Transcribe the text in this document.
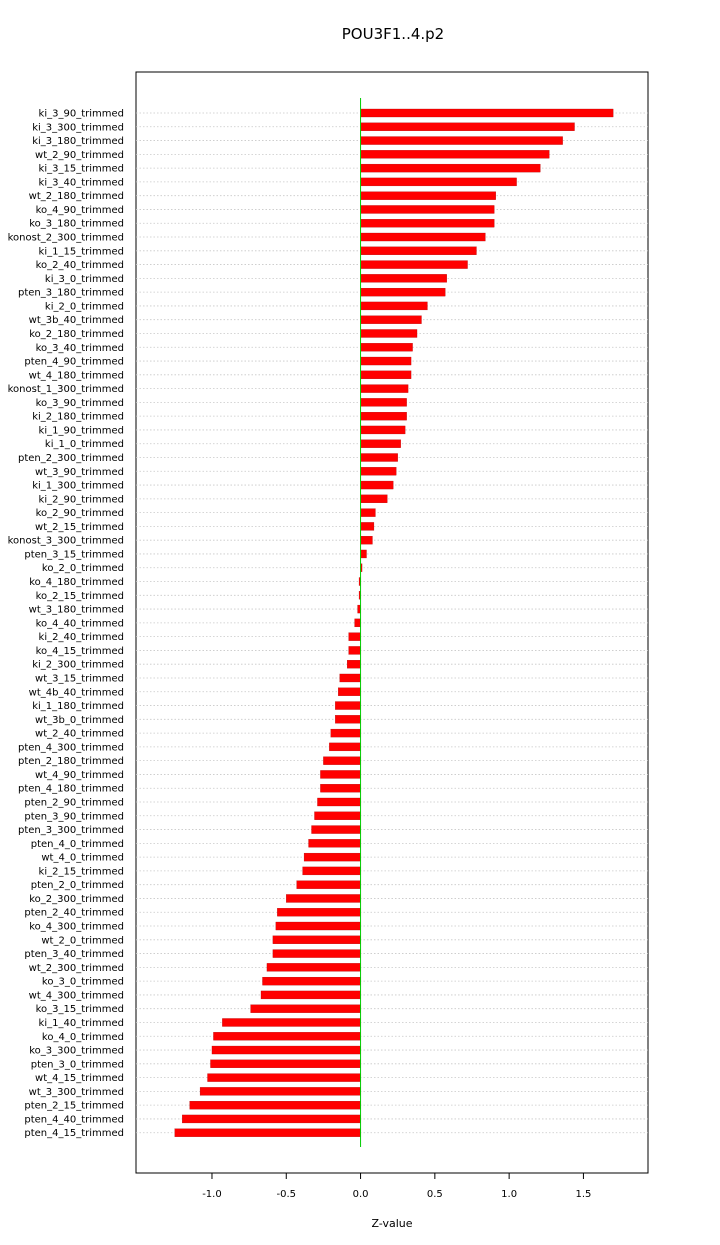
POU3F1..4.p2
ki_3_90_trimmed
ki_3_300_trimmed
ki_3_180_trimmed
wt_2_90_trimmed
ki_3_15_trimmed
ki_3_40_trimmed
wt_2_180_trimmed
ko_4_90_trimmed
ko_3_180_trimmed
konost_2_300_trimmed
ki_1_15_trimmed
ko_2_40_trimmed
ki_3_0_trimmed
pten_3_180_trimmed
ki_2_0_trimmed
wt_3b_40_trimmed
ko_2_180_trimmed
ko_3_40_trimmed
pten_4_90_trimmed
wt_4_180_trimmed
konost_1_300_trimmed
ko_3_90_trimmed
ki_2_180_trimmed
ki_1_90_trimmed
ki_1_0_trimmed
pten_2_300_trimmed
wt_3_90_trimmed
ki_1_300_trimmed
ki_2_90_trimmed
ko_2_90_trimmed
wt_2_15_trimmed
konost_3_300_trimmed
pten_3_15_trimmed
ko_2_0_trimmed
ko_4_180_trimmed
ko_2_15_trimmed
wt_3_180_trimmed
ko_4_40_trimmed
ki_2_40_trimmed
ko_4_15_trimmed
ki_2_300_trimmed
wt_3_15_trimmed
wt_4b_40_trimmed
ki_1_180_trimmed
wt_3b_0_trimmed
wt_2_40_trimmed
pten_4_300_trimmed
pten_2_180_trimmed
wt_4_90_trimmed
pten_4_180_trimmed
pten_2_90_trimmed
pten_3_90_trimmed
pten_3_300_trimmed
pten_4_0_trimmed
wt_4_0_trimmed
ki_2_15_trimmed
pten_2_0_trimmed
ko_2_300_trimmed
pten_2_40_trimmed
ko_4_300_trimmed
wt_2_0_trimmed
pten_3_40_trimmed
wt_2_300_trimmed
ko_3_0_trimmed
wt_4_300_trimmed
ko_3_15_trimmed
ki_1_40_trimmed
ko_4_0_trimmed
ko_3_300_trimmed
pten_3_0_trimmed
wt_4_15_trimmed
wt_3_300_trimmed
pten_2_15_trimmed
pten_4_40_trimmed
pten_4_15_trimmed
-1.0	-0.5	0.0	0.5	1.0	1.5
Z-value
